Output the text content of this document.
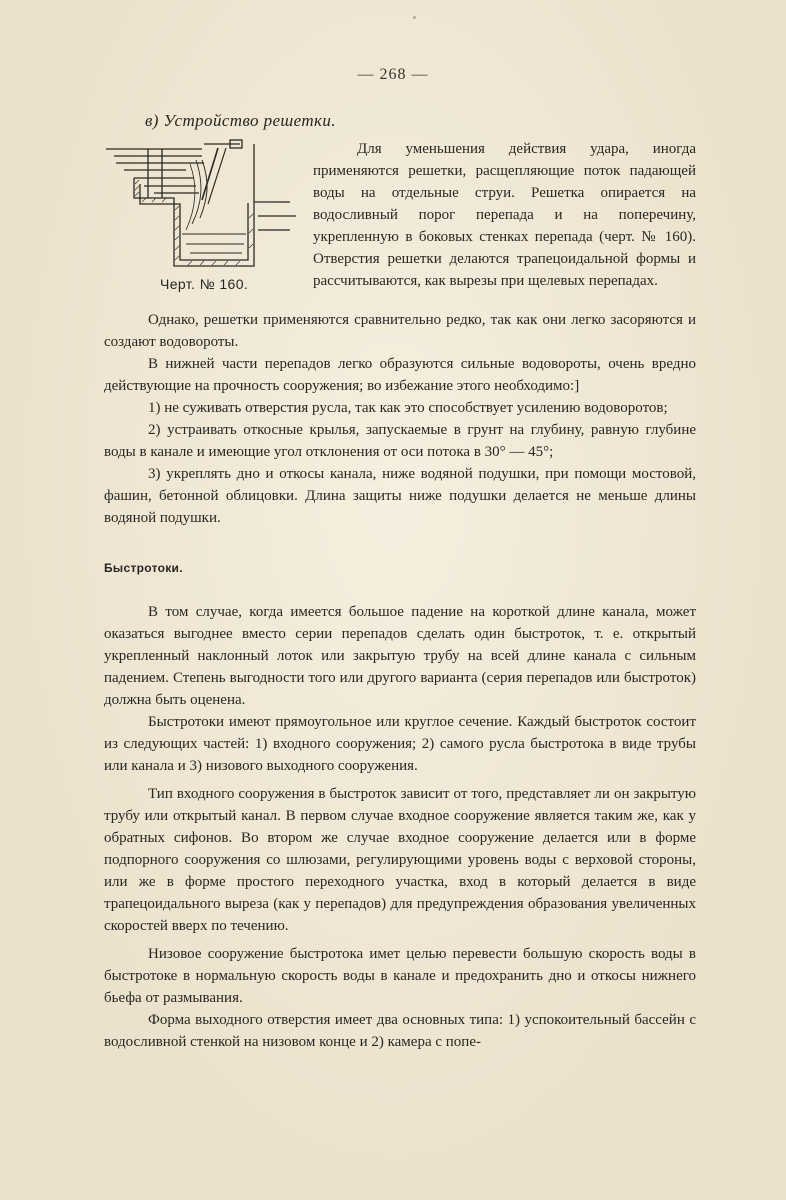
— 268 —
в) Устройство решетки.
Черт. № 160.

Для уменьшения действия удара, иногда применяются решетки, расщепляющие поток падающей воды на отдельные струи. Решетка опирается на водосливный порог перепада и на поперечину, укрепленную в боковых стенках перепада (черт. № 160). Отверстия решетки делаются трапецоидальной формы и рассчитываются, как вырезы при щелевых перепадах.

Однако, решетки применяются сравнительно редко, так как они легко засоряются и создают водовороты.

В нижней части перепадов легко образуются сильные водовороты, очень вредно действующие на прочность сооружения; во избежание этого необходимо:]

1) не суживать отверстия русла, так как это способствует усилению водоворотов;

2) устраивать откосные крылья, запускаемые в грунт на глубину, равную глубине воды в канале и имеющие угол отклонения от оси потока в 30° — 45°;

3) укреплять дно и откосы канала, ниже водяной подушки, при помощи мостовой, фашин, бетонной облицовки. Длина защиты ниже подушки делается не меньше длины водяной подушки.

Быстротоки.

В том случае, когда имеется большое падение на короткой длине канала, может оказаться выгоднее вместо серии перепадов сделать один быстроток, т. е. открытый укрепленный наклонный лоток или закрытую трубу на всей длине канала с сильным падением. Степень выгодности того или другого варианта (серия перепадов или быстроток) должна быть оценена.

Быстротоки имеют прямоугольное или круглое сечение. Каждый быстроток состоит из следующих частей: 1) входного сооружения; 2) самого русла быстротока в виде трубы или канала и 3) низового выходного сооружения.

Тип входного сооружения в быстроток зависит от того, представляет ли он закрытую трубу или открытый канал. В первом случае входное сооружение является таким же, как у обратных сифонов. Во втором же случае входное сооружение делается или в форме подпорного сооружения со шлюзами, регулирующими уровень воды с верховой стороны, или же в форме простого переходного участка, вход в который делается в виде трапецоидального выреза (как у перепадов) для предупреждения образования увеличенных скоростей вверх по течению.

Низовое сооружение быстротока имет целью перевести большую скорость воды в быстротоке в нормальную скорость воды в канале и предохранить дно и откосы нижнего бьефа от размывания.

Форма выходного отверстия имеет два основных типа: 1) успокоительный бассейн с водосливной стенкой на низовом конце и 2) камера с попе-
